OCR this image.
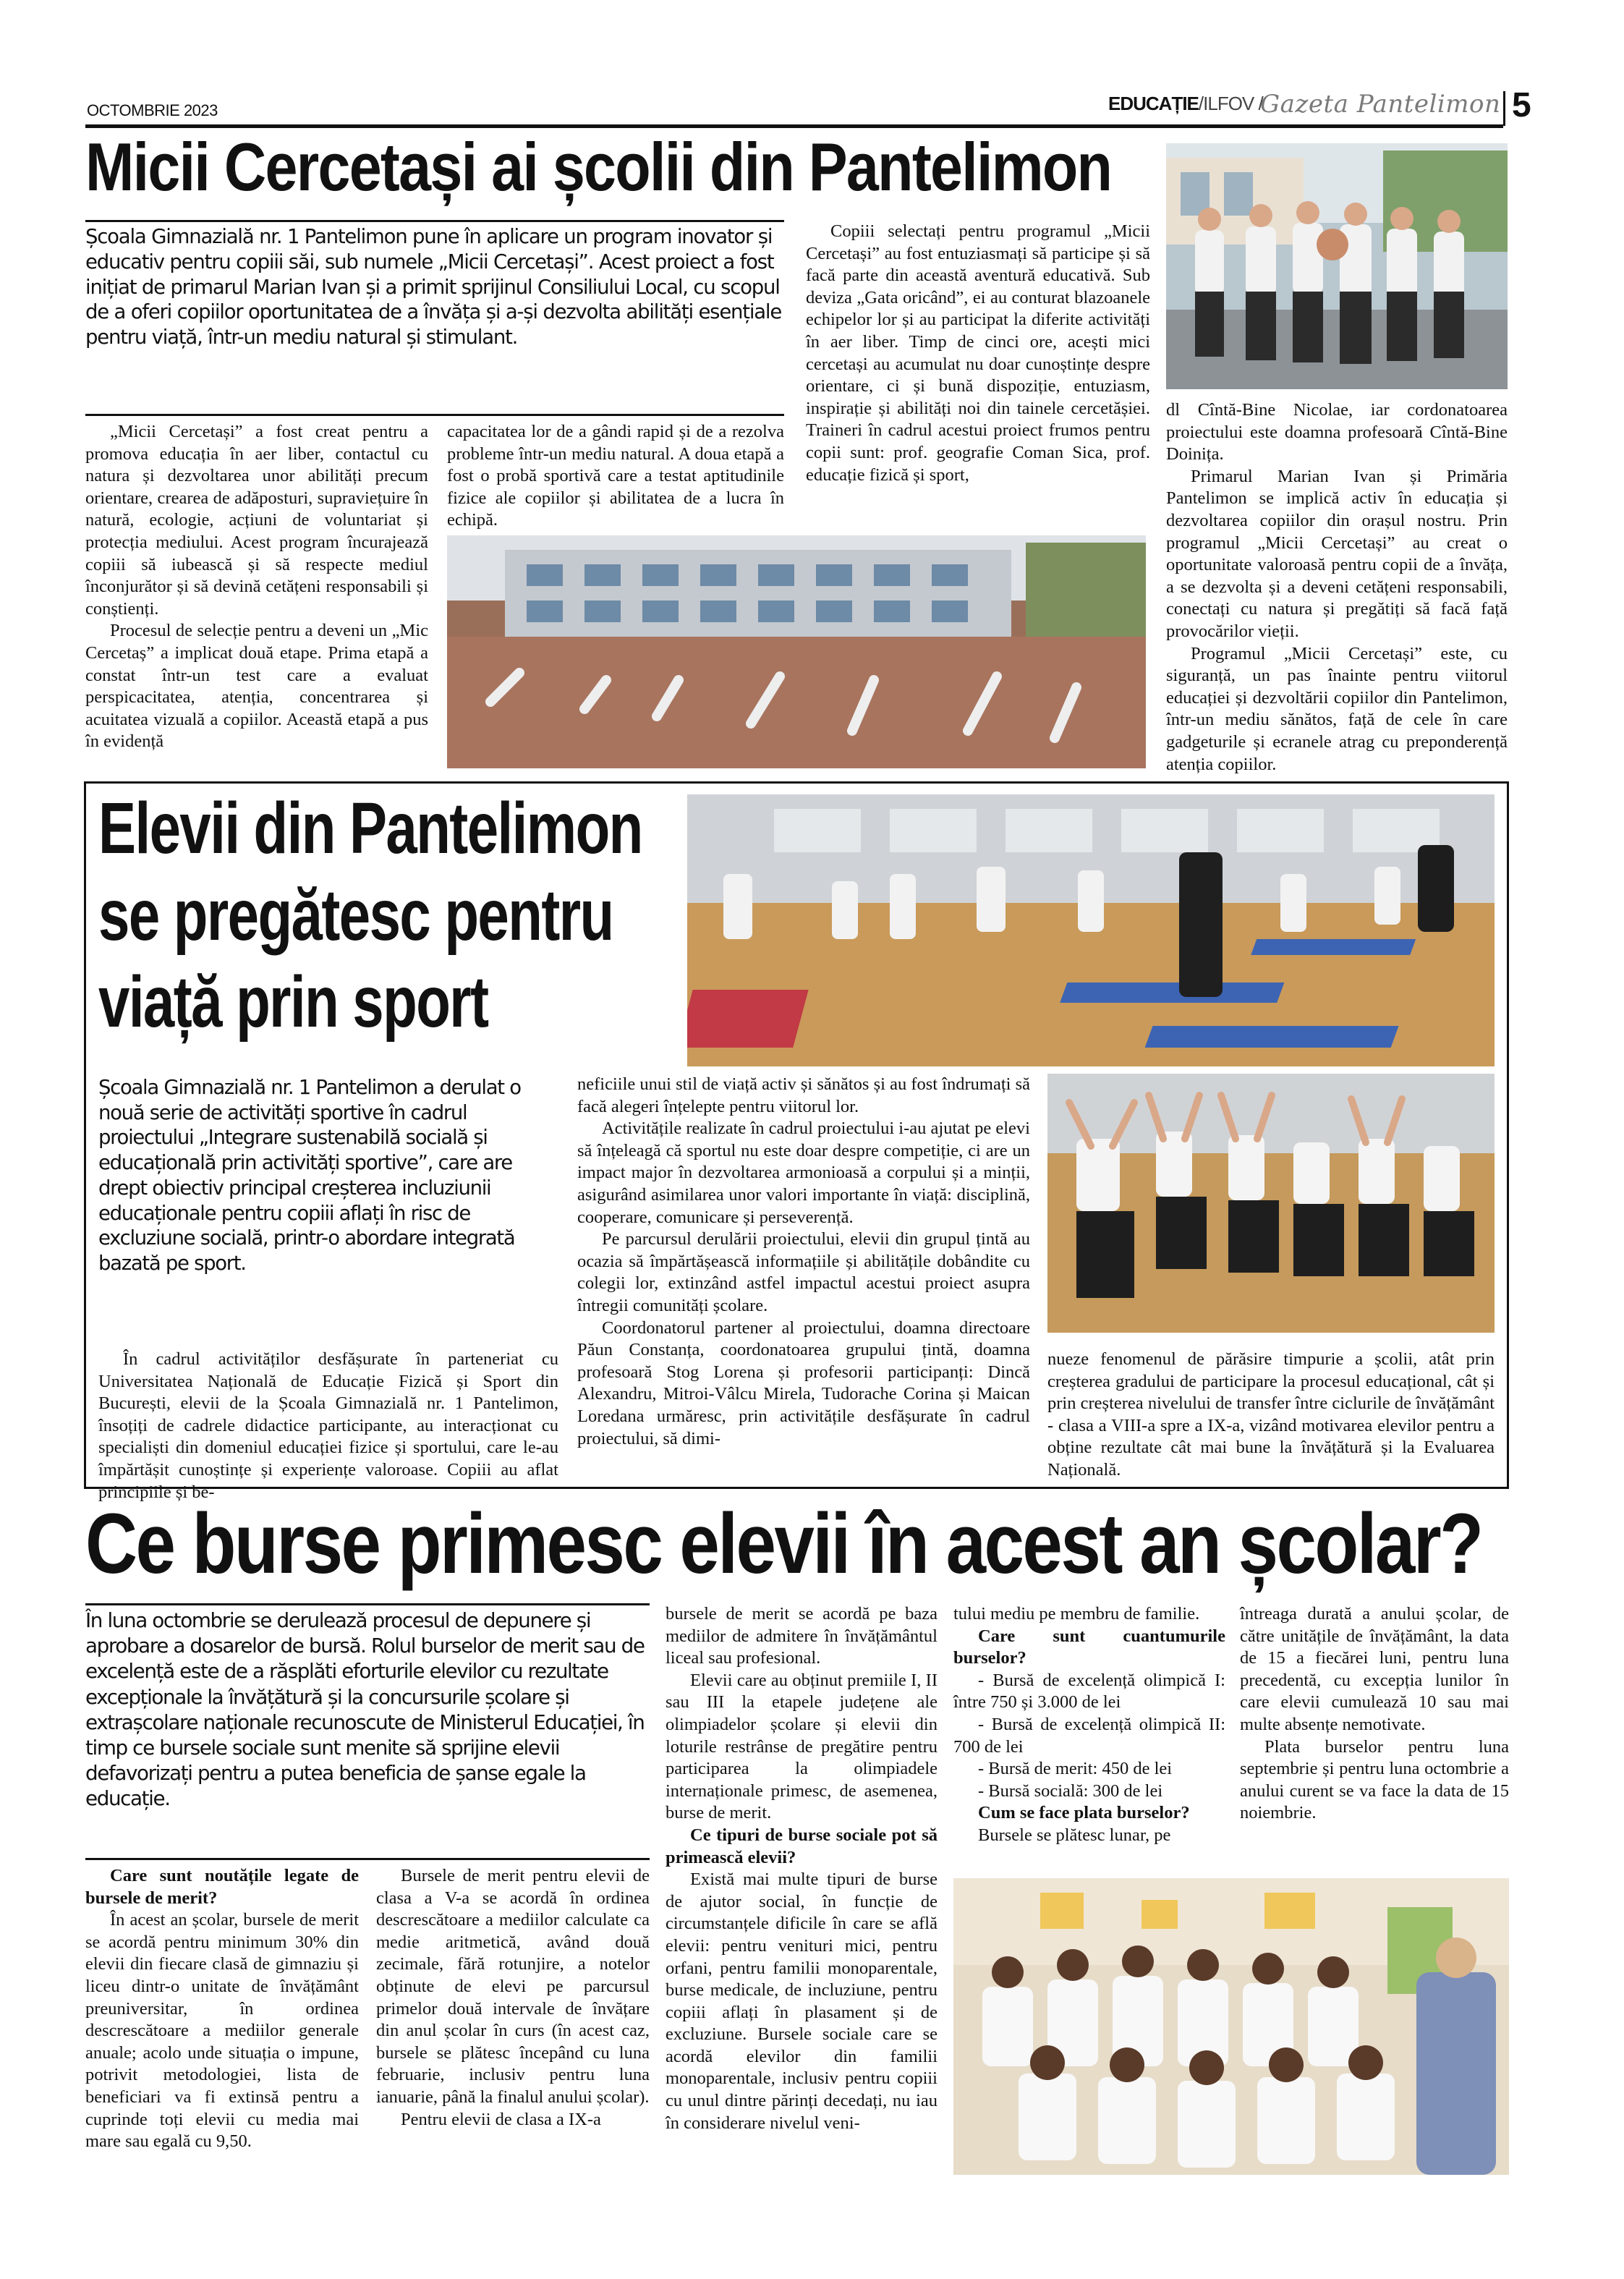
OCTOMBRIE 2023	EDUCAȚIE/ILFOV /
Gazeta Pantelimon 5
Micii Cercetași ai școlii din Pantelimon
Școala Gimnazială nr. 1 Pantelimon pune în aplicare un program inovator și educativ pentru copiii săi, sub numele „Micii Cercetași”. Acest proiect a fost inițiat de primarul Marian Ivan și a primit sprijinul Consiliului Local, cu scopul de a oferi copiilor oportunitatea de a învăța și a-și dezvolta abilități esențiale pentru viață, într-un mediu natural și stimulant.

„Micii Cercetași” a fost creat pentru a promova educația în aer liber, contactul cu natura și dezvoltarea unor abilități precum orientare, crearea de adăposturi, supraviețuire în natură, ecologie, acțiuni de voluntariat și protecția mediului. Acest program încurajează copiii să iubească și să respecte mediul înconjurător și să devină cetățeni responsabili și conștienți.

Procesul de selecție pentru a deveni un „Mic Cercetaș” a implicat două etape. Prima etapă a constat într-un test care a evaluat perspicacitatea, atenția, concentrarea și acuitatea vizuală a copiilor. Această etapă a pus în evidență

capacitatea lor de a gândi rapid și de a rezolva probleme într-un mediu natural. A doua etapă a fost o probă sportivă care a testat aptitudinile fizice ale copiilor și abilitatea de a lucra în echipă.

Copiii selectați pentru programul „Micii Cercetași” au fost entuziasmați să participe și să facă parte din această aventură educativă. Sub deviza „Gata oricând”, ei au conturat blazoanele echipelor lor și au participat la diferite activități în aer liber. Timp de cinci ore, acești mici cercetași au acumulat nu doar cunoștințe despre orientare, ci și bună dispoziție, entuziasm, inspirație și abilități noi din tainele cercetășiei. Traineri în cadrul acestui proiect frumos pentru copii sunt: prof. geografie Coman Sica, prof. educație fizică și sport,

dl Cîntă-Bine Nicolae, iar cordonatoarea proiectului este doamna profesoară Cîntă-Bine Doinița.

Primarul Marian Ivan și Primăria Pantelimon se implică activ în educația și dezvoltarea copiilor din orașul nostru. Prin programul „Micii Cercetași” au creat o oportunitate valoroasă pentru copii de a învăța, a se dezvolta și a deveni cetățeni responsabili, conectați cu natura și pregătiți să facă față provocărilor vieții.

Programul „Micii Cercetași” este, cu siguranță, un pas înainte pentru viitorul educației și dezvoltării copiilor din Pantelimon, într-un mediu sănătos, față de cele în care gadgeturile și ecranele atrag cu preponderență atenția copiilor.

Elevii din Pantelimon
se pregătesc pentru
viață prin sport
Școala Gimnazială nr. 1 Pantelimon a derulat o nouă serie de activități sportive în cadrul proiectului „Integrare sustenabilă socială și educațională prin activități sportive”, care are drept obiectiv principal creșterea incluziunii educaționale pentru copiii aflați în risc de excluziune socială, printr-o abordare integrată bazată pe sport.

În cadrul activităților desfășurate în parteneriat cu Universitatea Națională de Educație Fizică și Sport din București, elevii de la Școala Gimnazială nr. 1 Pantelimon, însoțiți de cadrele didactice participante, au interacționat cu specialiști din domeniul educației fizice și sportului, care le-au împărtășit cunoștințe și experiențe valoroase. Copiii au aflat principiile și be-

neficiile unui stil de viață activ și sănătos și au fost îndrumați să facă alegeri înțelepte pentru viitorul lor.

Activitățile realizate în cadrul proiectului i-au ajutat pe elevi să înțeleagă că sportul nu este doar despre competiție, ci are un impact major în dezvoltarea armonioasă a corpului și a minții, asigurând asimilarea unor valori importante în viață: disciplină, cooperare, comunicare și perseverență.

Pe parcursul derulării proiectului, elevii din grupul țintă au ocazia să împărtășească informațiile și abilitățile dobândite cu colegii lor, extinzând astfel impactul acestui proiect asupra întregii comunități școlare.

Coordonatorul partener al proiectului, doamna directoare Păun Constanța, coordonatoarea grupului țintă, doamna profesoară Stog Lorena și profesorii participanți: Dincă Alexandru, Mitroi-Vâlcu Mirela, Tudorache Corina și Maican Loredana urmăresc, prin activitățile desfășurate în cadrul proiectului, să dimi-

nueze fenomenul de părăsire timpurie a școlii, atât prin creșterea gradului de participare la procesul educațional, cât și prin creșterea nivelului de transfer între ciclurile de învățământ - clasa a VIII-a spre a IX-a, vizând motivarea elevilor pentru a obține rezultate cât mai bune la învățătură și la Evaluarea Națională.

Ce burse primesc elevii în acest an școlar?
În luna octombrie se derulează procesul de depunere și aprobare a dosarelor de bursă. Rolul burselor de merit sau de excelență este de a răsplăti eforturile elevilor cu rezultate excepționale la învățătură și la concursurile școlare și extrașcolare naționale recunoscute de Ministerul Educației, în timp ce bursele sociale sunt menite să sprijine elevii defavorizați pentru a putea beneficia de șanse egale la educație.

Care sunt noutățile legate de bursele de merit?

În acest an școlar, bursele de merit se acordă pentru minimum 30% din elevii din fiecare clasă de gimnaziu și liceu dintr-o unitate de învățământ preuniversitar, în ordinea descrescătoare a mediilor generale anuale; acolo unde situația o impune, potrivit metodologiei, lista de beneficiari va fi extinsă pentru a cuprinde toți elevii cu media mai mare sau egală cu 9,50.

Bursele de merit pentru elevii de clasa a V-a se acordă în ordinea descrescătoare a mediilor calculate ca medie aritmetică, având două zecimale, fără rotunjire, a notelor obținute de elevi pe parcursul primelor două intervale de învățare din anul școlar în curs (în acest caz, bursele se plătesc începând cu luna februarie, inclusiv pentru luna ianuarie, până la finalul anului școlar).

Pentru elevii de clasa a IX-a

bursele de merit se acordă pe baza mediilor de admitere în învățământul liceal sau profesional.

Elevii care au obținut premiile I, II sau III la etapele județene ale olimpiadelor școlare și elevii din loturile restrânse de pregătire pentru participarea la olimpiadele internaționale primesc, de asemenea, burse de merit.

Ce tipuri de burse sociale pot să primească elevii?

Există mai multe tipuri de burse de ajutor social, în funcție de circumstanțele dificile în care se află elevii: pentru venituri mici, pentru orfani, pentru familii monoparentale, burse medicale, de incluziune, pentru copiii aflați în plasament și de excluziune. Bursele sociale care se acordă elevilor din familii monoparentale, inclusiv pentru copiii cu unul dintre părinți decedați, nu iau în considerare nivelul veni-

tului mediu pe membru de familie.

Care sunt cuantumurile burselor?

- Bursă de excelență olimpică I: între 750 și 3.000 de lei

- Bursă de excelență olimpică II: 700 de lei

- Bursă de merit: 450 de lei

- Bursă socială: 300 de lei

Cum se face plata burselor?

Bursele se plătesc lunar, pe

întreaga durată a anului școlar, de către unitățile de învățământ, la data de 15 a fiecărei luni, pentru luna precedentă, cu excepția lunilor în care elevii cumulează 10 sau mai multe absențe nemotivate.

Plata burselor pentru luna septembrie și pentru luna octombrie a anului curent se va face la data de 15 noiembrie.
